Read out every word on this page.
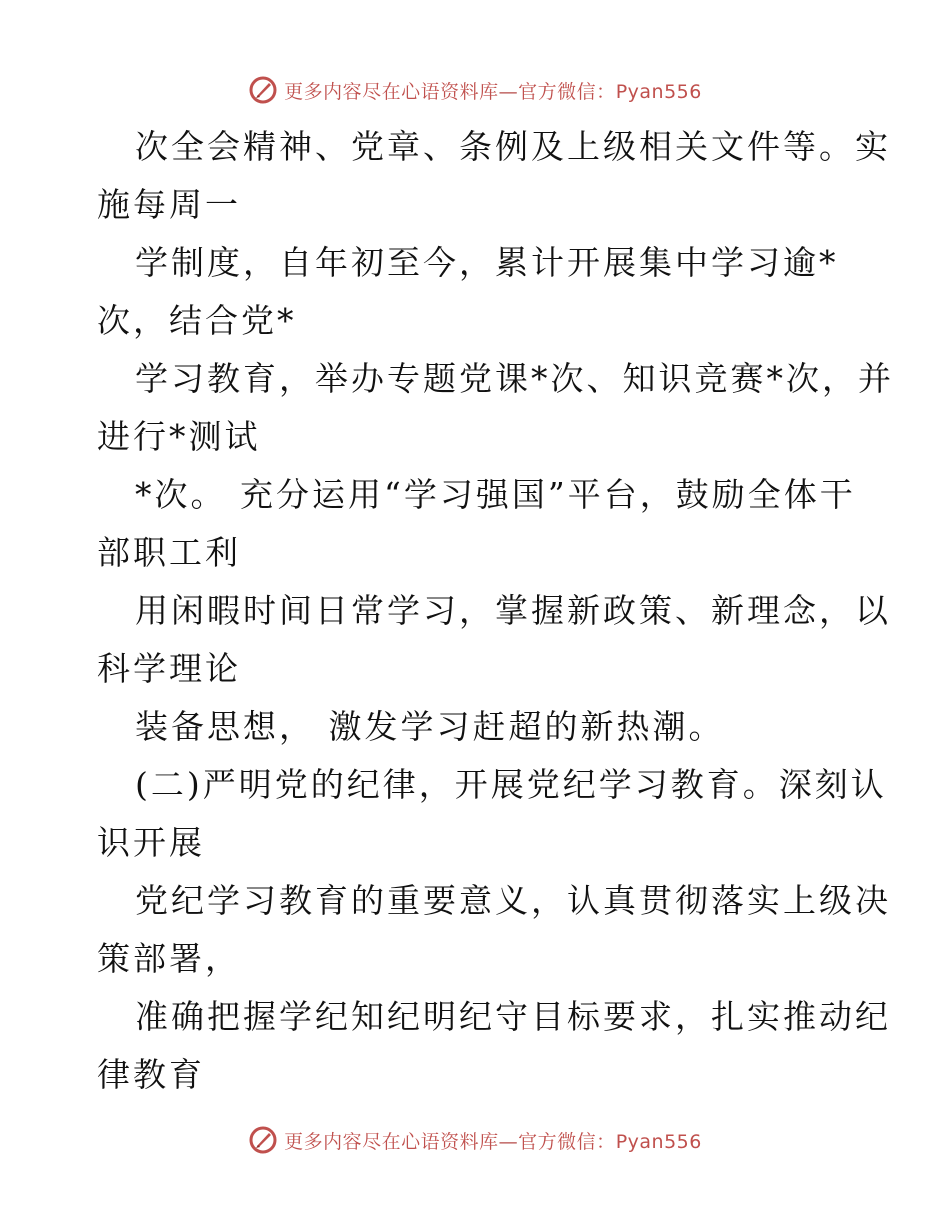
更多内容尽在心语资料库—官方微信：Pyan556
次全会精神、党章、条例及上级相关文件等。实
施每周一
学制度，自年初至今，累计开展集中学习逾*
次，结合党*
学习教育，举办专题党课*次、知识竞赛*次，并
进行*测试
*次。 充分运用“学习强国”平台，鼓励全体干
部职工利
用闲暇时间日常学习，掌握新政策、新理念，以
科学理论
装备思想， 激发学习赶超的新热潮。
(二)严明党的纪律，开展党纪学习教育。深刻认
识开展
党纪学习教育的重要意义，认真贯彻落实上级决
策部署，
准确把握学纪知纪明纪守目标要求，扎实推动纪
律教育
更多内容尽在心语资料库—官方微信：Pyan556
